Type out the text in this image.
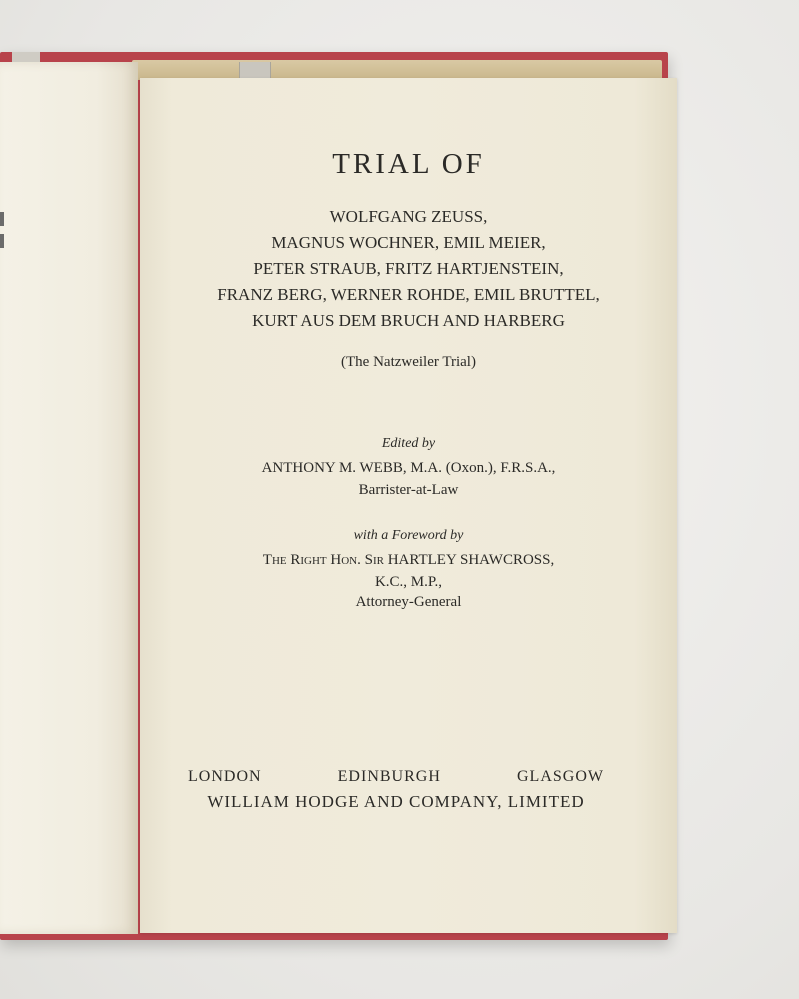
TRIAL OF
WOLFGANG ZEUSS,
MAGNUS WOCHNER, EMIL MEIER,
PETER STRAUB, FRITZ HARTJENSTEIN,
FRANZ BERG, WERNER ROHDE, EMIL BRUTTEL,
KURT AUS DEM BRUCH AND HARBERG
(The Natzweiler Trial)
Edited by
ANTHONY M. WEBB, M.A. (Oxon.), F.R.S.A.,
Barrister-at-Law
with a Foreword by
The Right Hon. Sir HARTLEY SHAWCROSS,
K.C., M.P.,
Attorney-General
LONDON	EDINBURGH	GLASGOW
WILLIAM HODGE AND COMPANY, LIMITED
